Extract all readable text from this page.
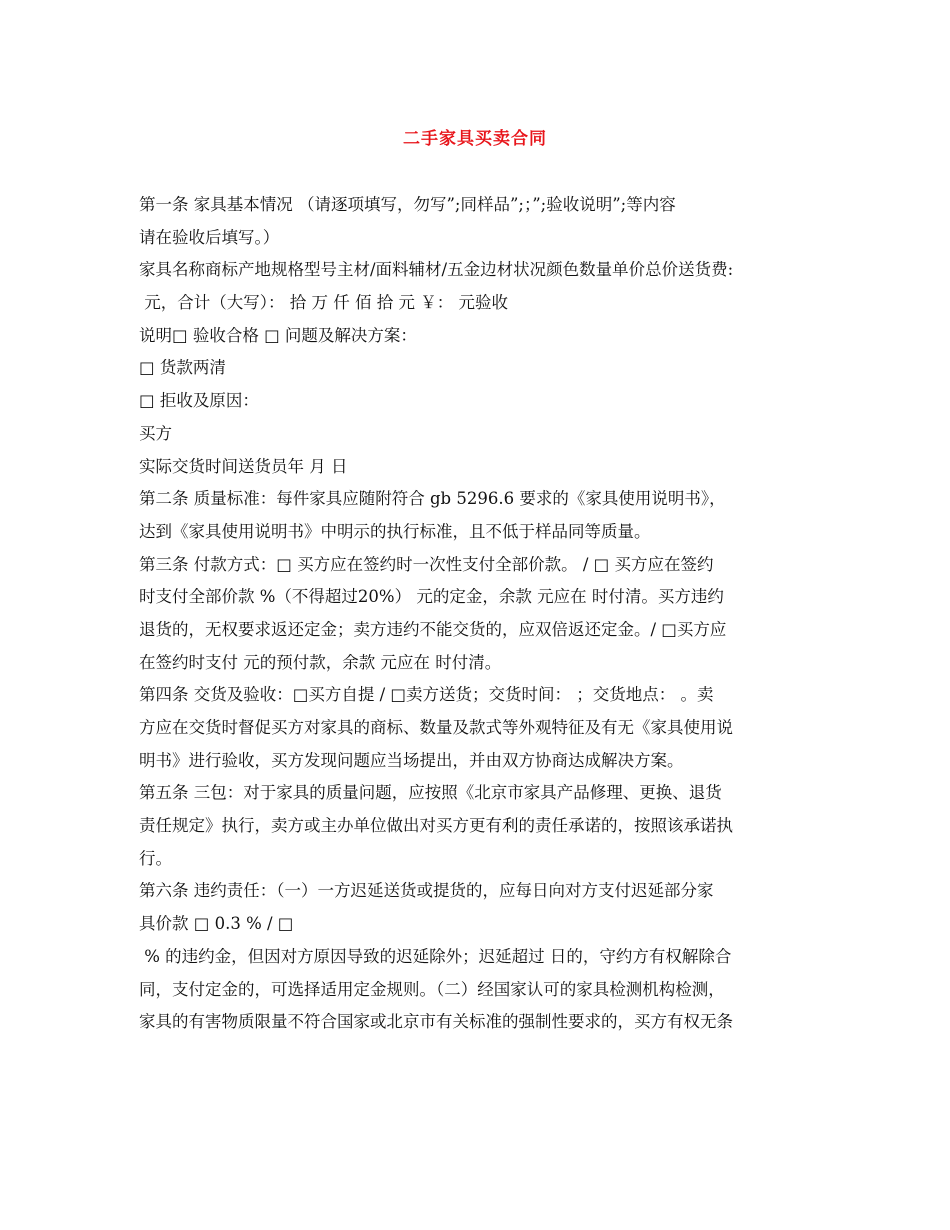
二手家具买卖合同
第一条 家具基本情况 （请逐项填写，勿写”;同样品”;；”;验收说明”;等内容
请在验收后填写。）
家具名称商标产地规格型号主材/面料辅材/五金边材状况颜色数量单价总价送货费:
元，合计（大写）： 拾 万 仟 佰 拾 元 ￥： 元验收
说明□ 验收合格 □ 问题及解决方案：
□ 货款两清
□ 拒收及原因：
买方
实际交货时间送货员年 月 日
第二条 质量标准：每件家具应随附符合 gb 5296.6 要求的《家具使用说明书》，
达到《家具使用说明书》中明示的执行标准，且不低于样品同等质量。
第三条 付款方式：□ 买方应在签约时一次性支付全部价款。 / □ 买方应在签约
时支付全部价款 %（不得超过20%） 元的定金，余款 元应在 时付清。买方违约
退货的，无权要求返还定金；卖方违约不能交货的，应双倍返还定金。/ □买方应
在签约时支付 元的预付款，余款 元应在 时付清。
第四条 交货及验收：□买方自提 / □卖方送货；交货时间： ；交货地点： 。卖
方应在交货时督促买方对家具的商标、数量及款式等外观特征及有无《家具使用说
明书》进行验收，买方发现问题应当场提出，并由双方协商达成解决方案。
第五条 三包：对于家具的质量问题，应按照《北京市家具产品修理、更换、退货
责任规定》执行，卖方或主办单位做出对买方更有利的责任承诺的，按照该承诺执
行。
第六条 违约责任：（一）一方迟延送货或提货的，应每日向对方支付迟延部分家
具价款 □ 0.3 % / □
% 的违约金，但因对方原因导致的迟延除外；迟延超过 日的，守约方有权解除合
同，支付定金的，可选择适用定金规则。（二）经国家认可的家具检测机构检测，
家具的有害物质限量不符合国家或北京市有关标准的强制性要求的，买方有权无条
